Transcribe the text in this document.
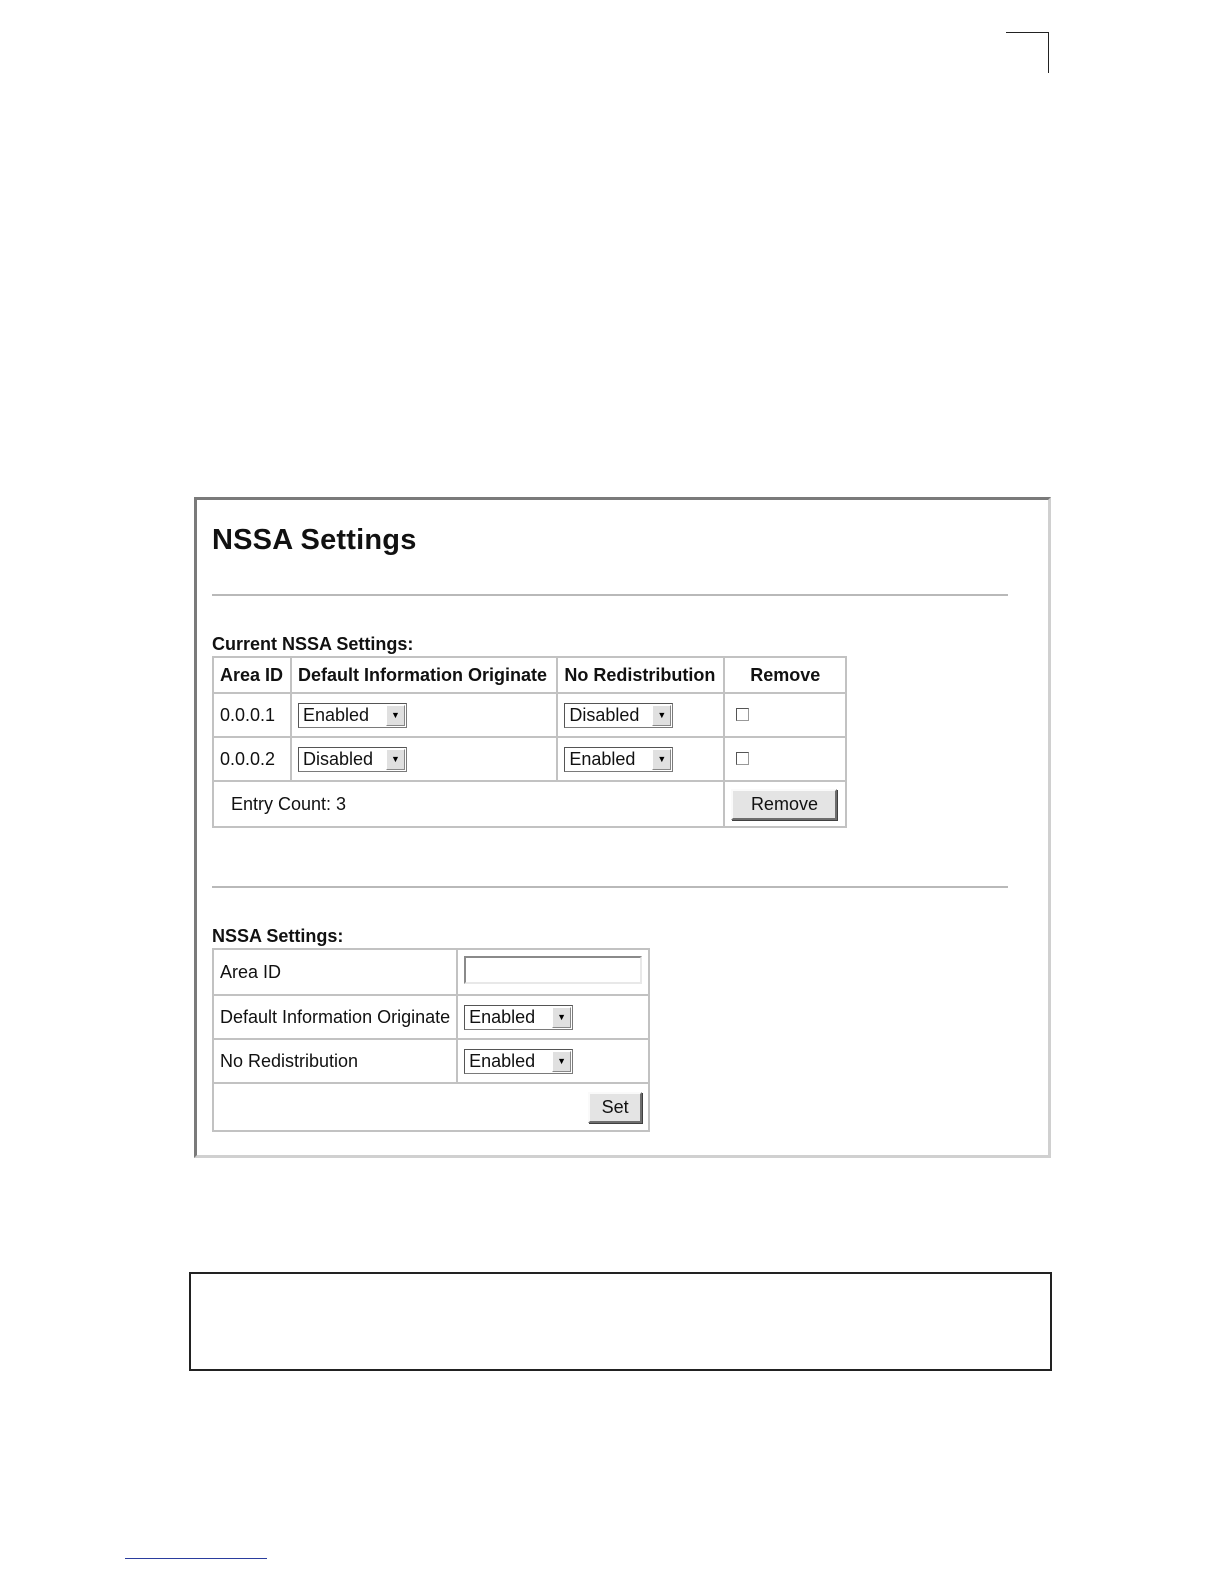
NSSA Settings
Current NSSA Settings:
Area ID	Default Information Originate	No Redistribution	Remove
0.0.0.1	Enabled ▼	Disabled ▼	

0.0.0.2	Disabled ▼	Enabled ▼	

Entry Count: 3			Remove
NSSA Settings:
Area ID	
Default Information Originate	Enabled ▼

No Redistribution	Enabled ▼

Set	
